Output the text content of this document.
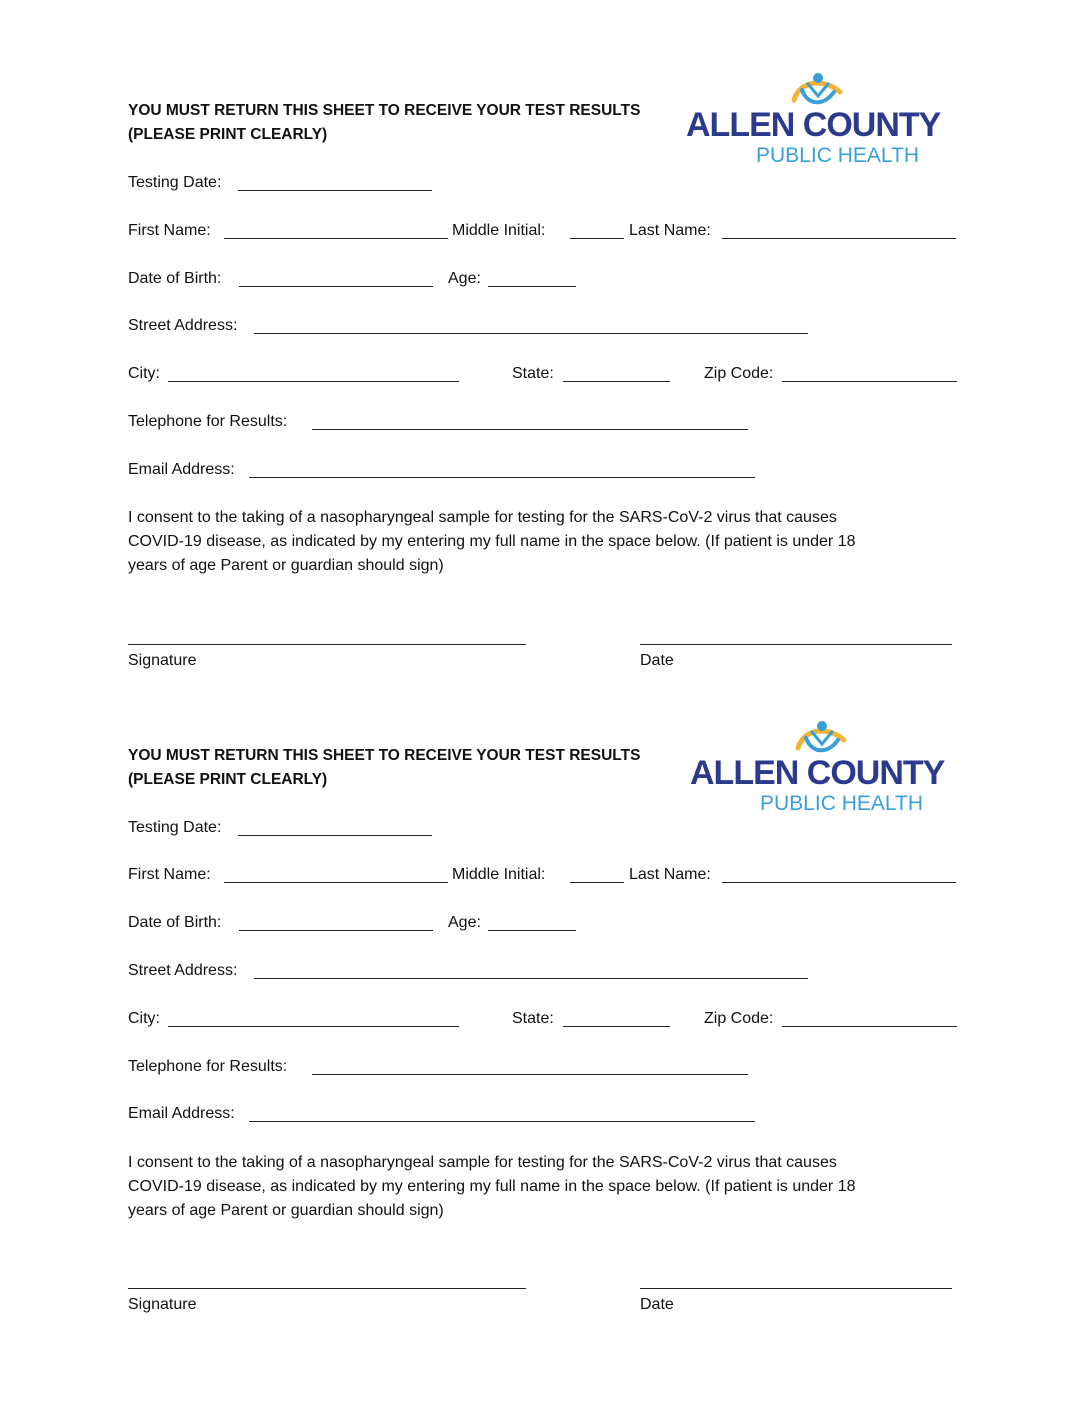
YOU MUST RETURN THIS SHEET TO RECEIVE YOUR TEST RESULTS
(PLEASE PRINT CLEARLY)	ALLEN COUNTY
PUBLIC HEALTH
Testing Date:
First Name:	Middle Initial:	Last Name:
Date of Birth:	Age:
Street Address:
City:	State:	Zip Code:
Telephone for Results:
Email Address:
I consent to the taking of a nasopharyngeal sample for testing for the SARS-CoV-2 virus that causes
COVID-19 disease, as indicated by my entering my full name in the space below. (If patient is under 18
years of age Parent or guardian should sign)
Signature	Date
YOU MUST RETURN THIS SHEET TO RECEIVE YOUR TEST RESULTS
(PLEASE PRINT CLEARLY)	ALLEN COUNTY
PUBLIC HEALTH
Testing Date:
First Name:	Middle Initial:	Last Name:
Date of Birth:	Age:
Street Address:
City:	State:	Zip Code:
Telephone for Results:
Email Address:
I consent to the taking of a nasopharyngeal sample for testing for the SARS-CoV-2 virus that causes
COVID-19 disease, as indicated by my entering my full name in the space below. (If patient is under 18
years of age Parent or guardian should sign)
Signature	Date
